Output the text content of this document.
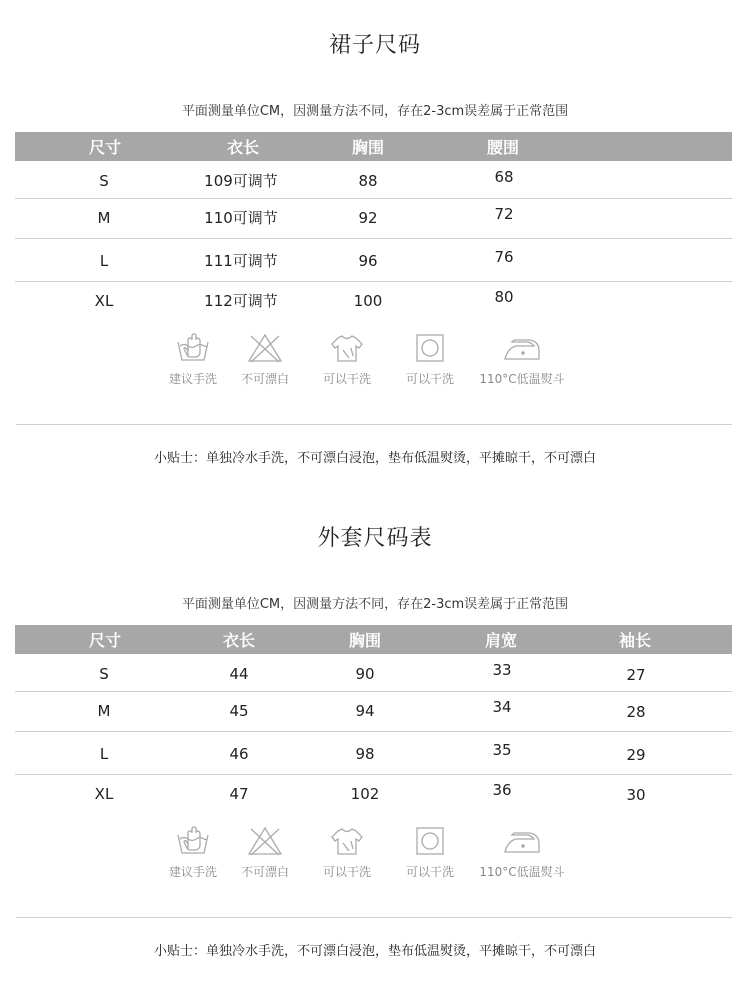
裙子尺码
平面测量单位CM，因测量方法不同，存在2-3cm误差属于正常范围
尺寸	衣长	胸围	腰围
S	109可调节	88	68
M	110可调节	92	72
L	111可调节	96	76
XL	112可调节	100	80
建议手洗	不可漂白	可以干洗	可以干洗	110°C低温熨斗
小贴士：单独冷水手洗，不可漂白浸泡，垫布低温熨烫，平摊晾干，不可漂白
外套尺码表
平面测量单位CM，因测量方法不同，存在2-3cm误差属于正常范围
尺寸	衣长	胸围	肩宽	袖长
S	44	90	33	27
M	45	94	34	28
L	46	98	35	29
XL	47	102	36	30
建议手洗	不可漂白	可以干洗	可以干洗	110°C低温熨斗
小贴士：单独冷水手洗，不可漂白浸泡，垫布低温熨烫，平摊晾干，不可漂白
